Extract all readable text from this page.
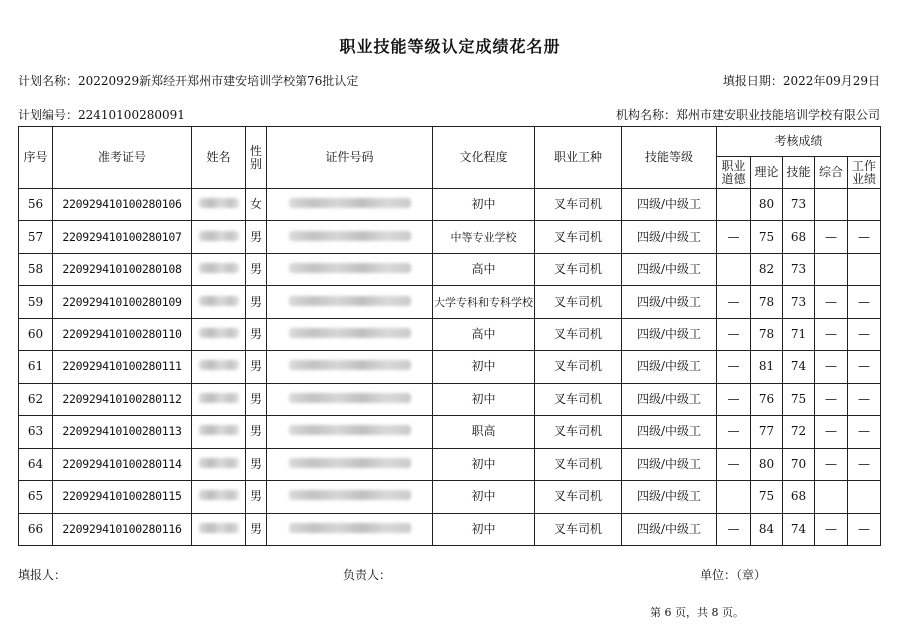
职业技能等级认定成绩花名册
计划名称：20220929新郑经开郑州市建安培训学校第76批认定	填报日期：2022年09月29日
计划编号：22410100280091	机构名称：郑州市建安职业技能培训学校有限公司
序号	准考证号	姓名	性别	证件号码	文化程度	职业工种	技能等级	考核成绩				
								职业道德	理论	技能	综合	工作业绩
56	220929410100280106		女		初中	叉车司机	四级/中级工		80	73		
57	220929410100280107		男		中等专业学校	叉车司机	四级/中级工	—	75	68	—	—
58	220929410100280108		男		高中	叉车司机	四级/中级工		82	73		
59	220929410100280109		男		大学专科和专科学校	叉车司机	四级/中级工	—	78	73	—	—
60	220929410100280110		男		高中	叉车司机	四级/中级工	—	78	71	—	—
61	220929410100280111		男		初中	叉车司机	四级/中级工	—	81	74	—	—
62	220929410100280112		男		初中	叉车司机	四级/中级工	—	76	75	—	—
63	220929410100280113		男		职高	叉车司机	四级/中级工	—	77	72	—	—
64	220929410100280114		男		初中	叉车司机	四级/中级工	—	80	70	—	—
65	220929410100280115		男		初中	叉车司机	四级/中级工		75	68		
66	220929410100280116		男		初中	叉车司机	四级/中级工	—	84	74	—	—
填报人：	负责人：	单位：（章）
第 6 页，共 8 页。
